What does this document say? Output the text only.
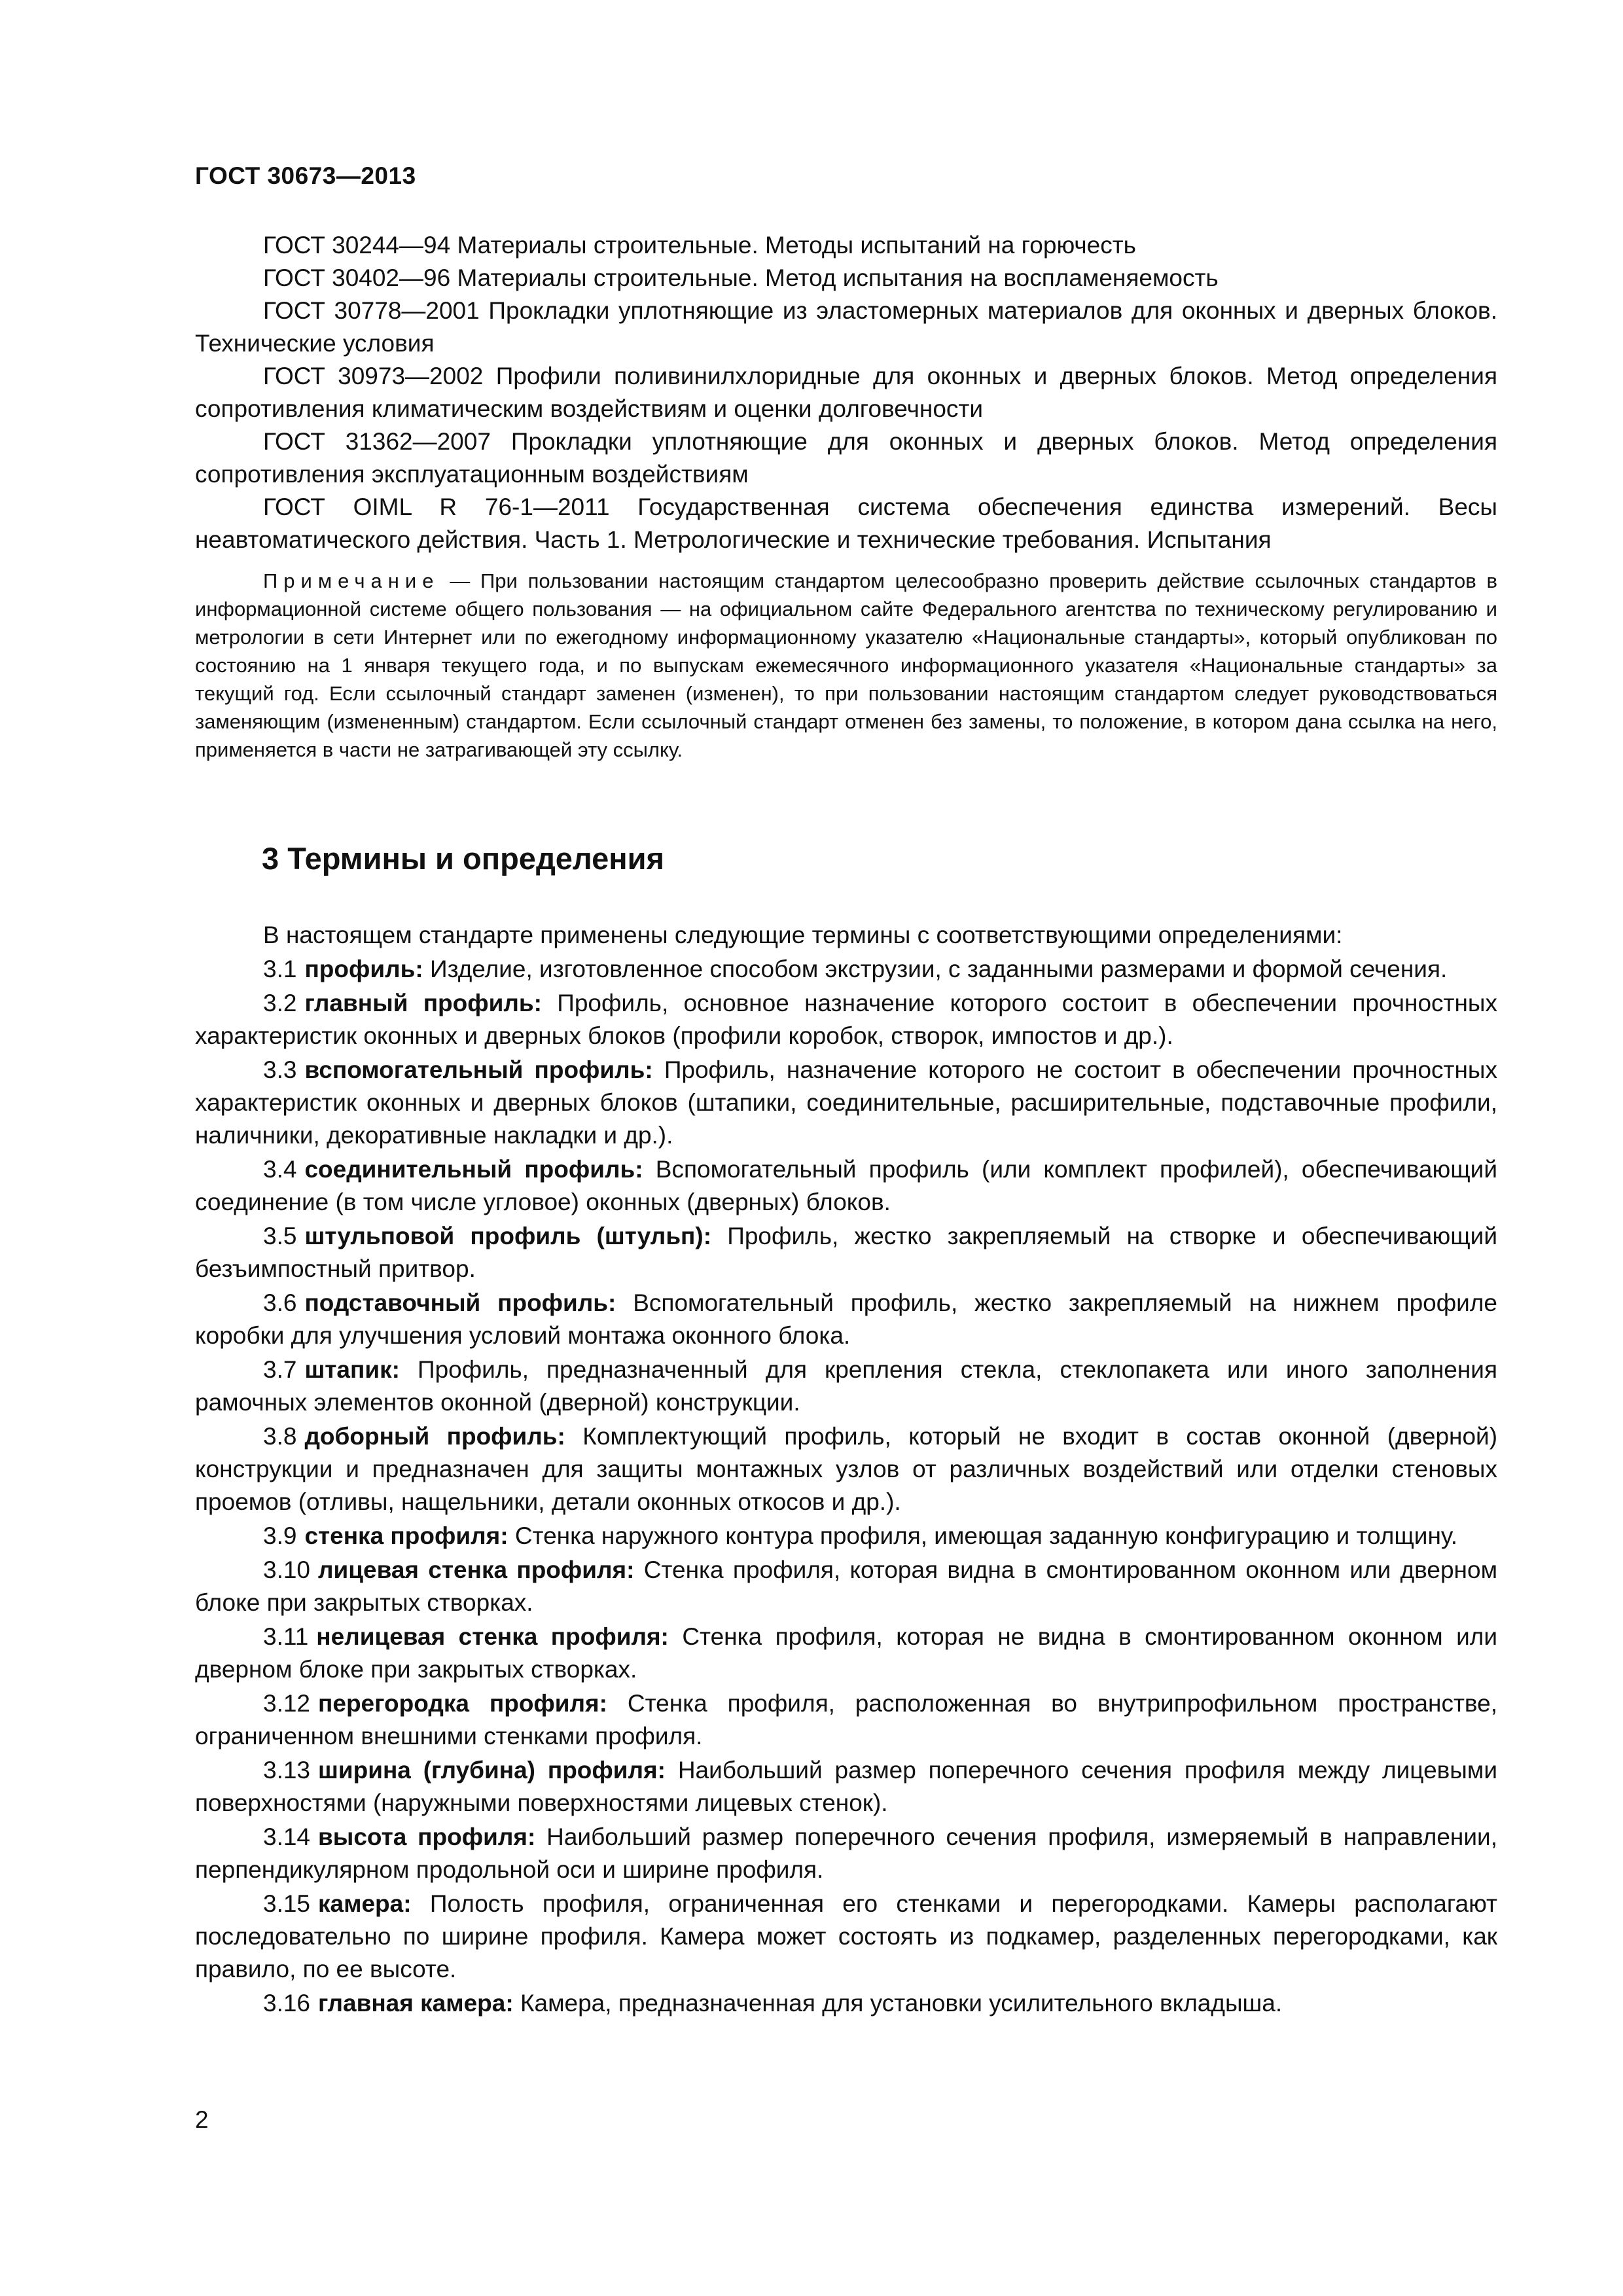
ГОСТ 30673—2013

ГОСТ 30244—94 Материалы строительные. Методы испытаний на горючесть

ГОСТ 30402—96 Материалы строительные. Метод испытания на воспламеняемость

ГОСТ 30778—2001 Прокладки уплотняющие из эластомерных материалов для оконных и дверных блоков. Технические условия

ГОСТ 30973—2002 Профили поливинилхлоридные для оконных и дверных блоков. Метод определения сопротивления климатическим воздействиям и оценки долговечности

ГОСТ 31362—2007 Прокладки уплотняющие для оконных и дверных блоков. Метод определения сопротивления эксплуатационным воздействиям

ГОСТ OIML R 76-1—2011 Государственная система обеспечения единства измерений. Весы неавтоматического действия. Часть 1. Метрологические и технические требования. Испытания

Примечание — При пользовании настоящим стандартом целесообразно проверить действие ссылочных стандартов в информационной системе общего пользования — на официальном сайте Федерального агентства по техническому регулированию и метрологии в сети Интернет или по ежегодному информационному указателю «Национальные стандарты», который опубликован по состоянию на 1 января текущего года, и по выпускам ежемесячного информационного указателя «Национальные стандарты» за текущий год. Если ссылочный стандарт заменен (изменен), то при пользовании настоящим стандартом следует руководствоваться заменяющим (измененным) стандартом. Если ссылочный стандарт отменен без замены, то положение, в котором дана ссылка на него, применяется в части не затрагивающей эту ссылку.
3 Термины и определения

В настоящем стандарте применены следующие термины с соответствующими определениями:

3.1 профиль: Изделие, изготовленное способом экструзии, с заданными размерами и формой сечения.

3.2 главный профиль: Профиль, основное назначение которого состоит в обеспечении прочностных характеристик оконных и дверных блоков (профили коробок, створок, импостов и др.).

3.3 вспомогательный профиль: Профиль, назначение которого не состоит в обеспечении прочностных характеристик оконных и дверных блоков (штапики, соединительные, расширительные, подставочные профили, наличники, декоративные накладки и др.).

3.4 соединительный профиль: Вспомогательный профиль (или комплект профилей), обеспечивающий соединение (в том числе угловое) оконных (дверных) блоков.

3.5 штульповой профиль (штульп): Профиль, жестко закрепляемый на створке и обеспечивающий безъимпостный притвор.

3.6 подставочный профиль: Вспомогательный профиль, жестко закрепляемый на нижнем профиле коробки для улучшения условий монтажа оконного блока.

3.7 штапик: Профиль, предназначенный для крепления стекла, стеклопакета или иного заполнения рамочных элементов оконной (дверной) конструкции.

3.8 доборный профиль: Комплектующий профиль, который не входит в состав оконной (дверной) конструкции и предназначен для защиты монтажных узлов от различных воздействий или отделки стеновых проемов (отливы, нащельники, детали оконных откосов и др.).

3.9 стенка профиля: Стенка наружного контура профиля, имеющая заданную конфигурацию и толщину.

3.10 лицевая стенка профиля: Стенка профиля, которая видна в смонтированном оконном или дверном блоке при закрытых створках.

3.11 нелицевая стенка профиля: Стенка профиля, которая не видна в смонтированном оконном или дверном блоке при закрытых створках.

3.12 перегородка профиля: Стенка профиля, расположенная во внутрипрофильном пространстве, ограниченном внешними стенками профиля.

3.13 ширина (глубина) профиля: Наибольший размер поперечного сечения профиля между лицевыми поверхностями (наружными поверхностями лицевых стенок).

3.14 высота профиля: Наибольший размер поперечного сечения профиля, измеряемый в направлении, перпендикулярном продольной оси и ширине профиля.

3.15 камера: Полость профиля, ограниченная его стенками и перегородками. Камеры располагают последовательно по ширине профиля. Камера может состоять из подкамер, разделенных перегородками, как правило, по ее высоте.

3.16 главная камера: Камера, предназначенная для установки усилительного вкладыша.

2
